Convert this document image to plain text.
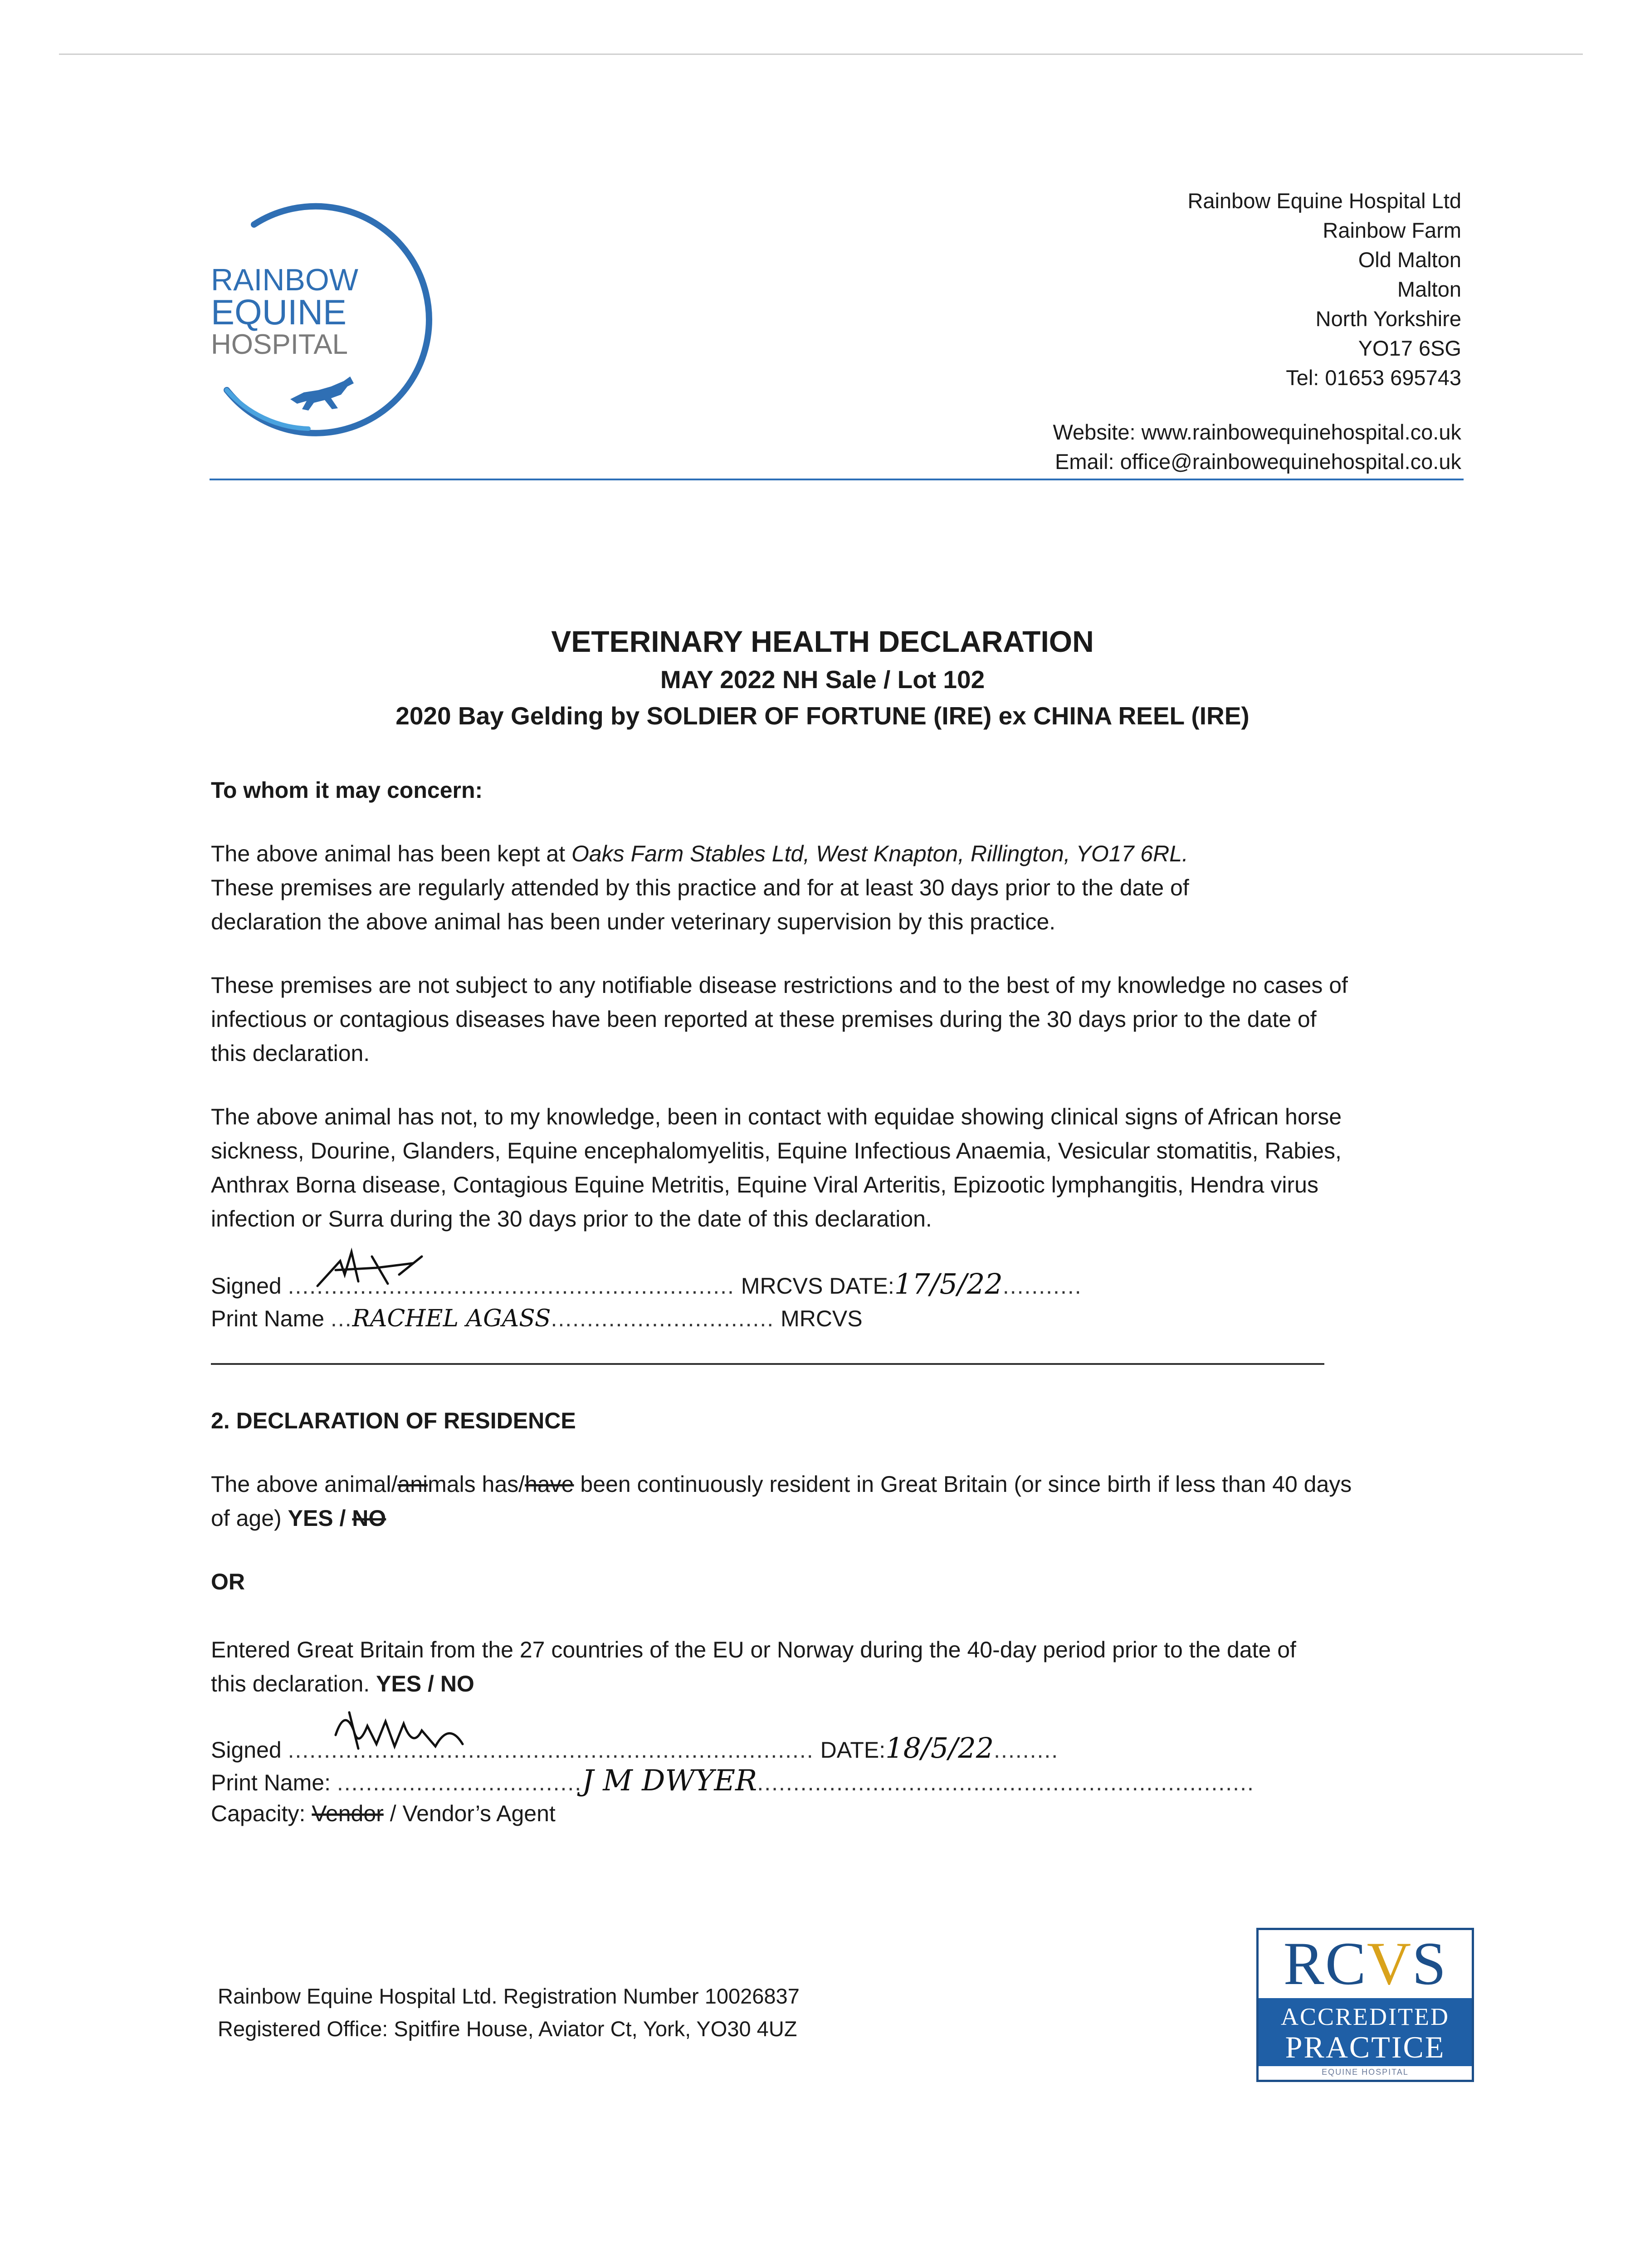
RAINBOW
EQUINE
HOSPITAL
Rainbow Equine Hospital Ltd
Rainbow Farm
Old Malton
Malton
North Yorkshire
YO17 6SG
Tel: 01653 695743
Website: www.rainbowequinehospital.co.uk
Email: office@rainbowequinehospital.co.uk
VETERINARY HEALTH DECLARATION
MAY 2022 NH Sale / Lot 102
2020 Bay Gelding by SOLDIER OF FORTUNE (IRE) ex CHINA REEL (IRE)
To whom it may concern:
The above animal has been kept at Oaks Farm Stables Ltd, West Knapton, Rillington, YO17 6RL.
These premises are regularly attended by this practice and for at least 30 days prior to the date of
declaration the above animal has been under veterinary supervision by this practice.
These premises are not subject to any notifiable disease restrictions and to the best of my knowledge no cases of
infectious or contagious diseases have been reported at these premises during the 30 days prior to the date of
this declaration.
The above animal has not, to my knowledge, been in contact with equidae showing clinical signs of African horse
sickness, Dourine, Glanders, Equine encephalomyelitis, Equine Infectious Anaemia, Vesicular stomatitis, Rabies,
Anthrax Borna disease, Contagious Equine Metritis, Equine Viral Arteritis, Epizootic lymphangitis, Hendra virus
infection or Surra during the 30 days prior to the date of this declaration.
Signed .............................................................. MRCVS DATE:17/5/22...........
Print Name ...RACHEL AGASS............................... MRCVS
2. DECLARATION OF RESIDENCE
The above animal/animals has/have been continuously resident in Great Britain (or since birth if less than 40 days
of age) YES / NO
OR
Entered Great Britain from the 27 countries of the EU or Norway during the 40-day period prior to the date of
this declaration. YES / NO
Signed ......................................................................... DATE:18/5/22.........
Print Name: ..................................J M DWYER.....................................................................
Capacity: Vendor / Vendor’s Agent
Rainbow Equine Hospital Ltd. Registration Number 10026837
Registered Office: Spitfire House, Aviator Ct, York, YO30 4UZ
RCVS
ACCREDITED
PRACTICE
EQUINE HOSPITAL
